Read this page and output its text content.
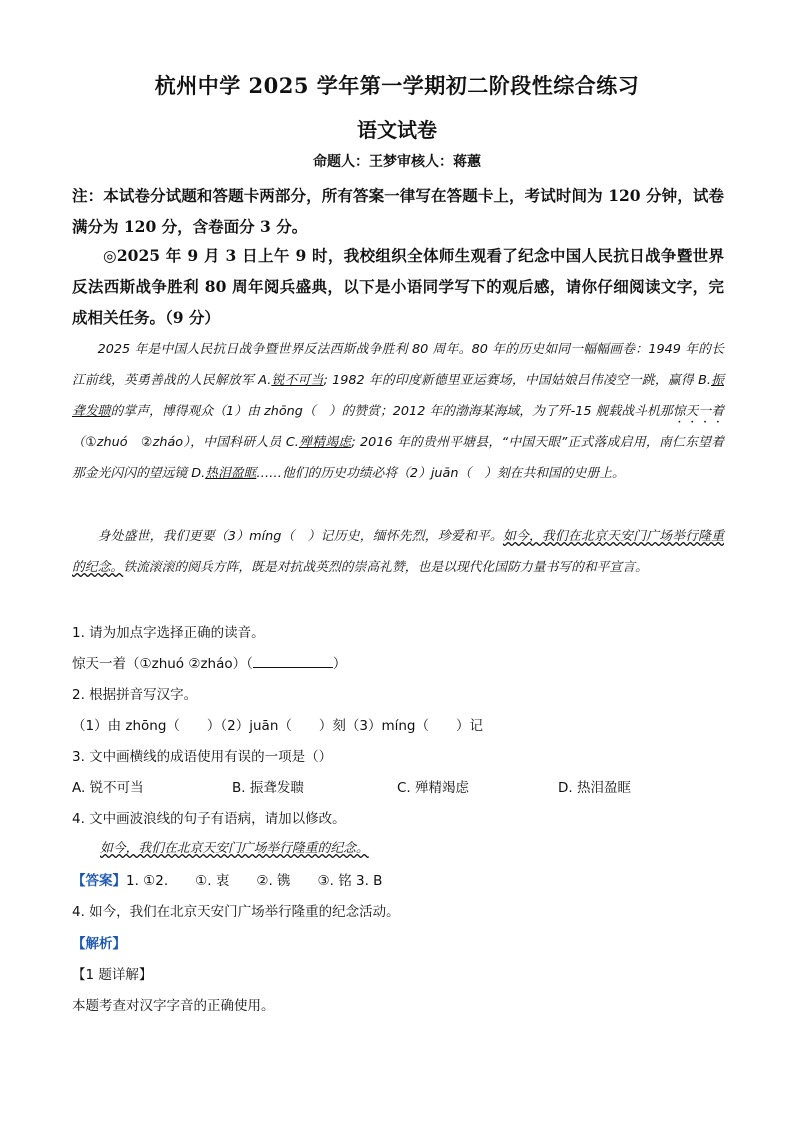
杭州中学 2025 学年第一学期初二阶段性综合练习
语文试卷
命题人：王梦审核人：蒋蕙
注：本试卷分试题和答题卡两部分，所有答案一律写在答题卡上，考试时间为 120 分钟，试卷满分为 120 分，含卷面分 3 分。
◎2025 年 9 月 3 日上午 9 时，我校组织全体师生观看了纪念中国人民抗日战争暨世界反法西斯战争胜利 80 周年阅兵盛典，以下是小语同学写下的观后感，请你仔细阅读文字，完成相关任务。（9 分）
2025 年是中国人民抗日战争暨世界反法西斯战争胜利 80 周年。80 年的历史如同一幅幅画卷：1949 年的长江前线，英勇善战的人民解放军 A.锐不可当; 1982 年的印度新德里亚运赛场，中国姑娘吕伟凌空一跳，赢得 B.振聋发聩的掌声，博得观众（1）由 zhōng（　）的赞赏；2012 年的渤海某海域，为了歼-15 舰载战斗机那惊天一着（①zhuó　②zháo），中国科研人员 C.殚精竭虑; 2016 年的贵州平塘县，“中国天眼”正式落成启用，南仁东望着那金光闪闪的望远镜 D.热泪盈眶……他们的历史功绩必将（2）juān（　）刻在共和国的史册上。
身处盛世，我们更要（3）míng（　）记历史，缅怀先烈，珍爱和平。如今，我们在北京天安门广场举行隆重的纪念。铁流滚滚的阅兵方阵，既是对抗战英烈的崇高礼赞，也是以现代化国防力量书写的和平宣言。
1. 请为加点字选择正确的读音。
惊天一着（①zhuó ②zháo）（	）
2. 根据拼音写汉字。
（1）由 zhōng（　　）（2）juān（　　）刻（3）míng（　　）记
3. 文中画横线的成语使用有误的一项是（）
A. 锐不可当	B. 振聋发聩	C. 殚精竭虑	D. 热泪盈眶
4. 文中画波浪线的句子有语病，请加以修改。
如今，我们在北京天安门广场举行隆重的纪念。
【答案】1. ①2.　　①. 衷　　②. 镌　　③. 铭 3. B
4. 如今，我们在北京天安门广场举行隆重的纪念活动。
【解析】
【1 题详解】
本题考查对汉字字音的正确使用。
